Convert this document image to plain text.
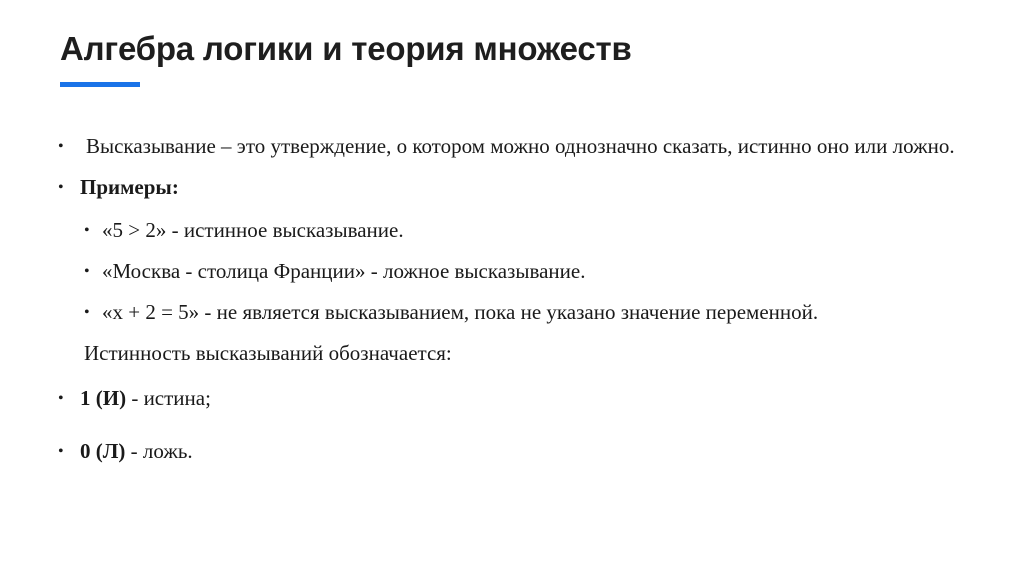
Алгебра логики и теория множеств
• Высказывание – это утверждение, о котором можно однозначно сказать, истинно оно или ложно.
• Примеры:
• «5 > 2» - истинное высказывание.
• «Москва - столица Франции» - ложное высказывание.
• «x + 2 = 5» - не является высказыванием, пока не указано значение переменной.
Истинность высказываний обозначается:
• 1 (И) - истина;
• 0 (Л) - ложь.
